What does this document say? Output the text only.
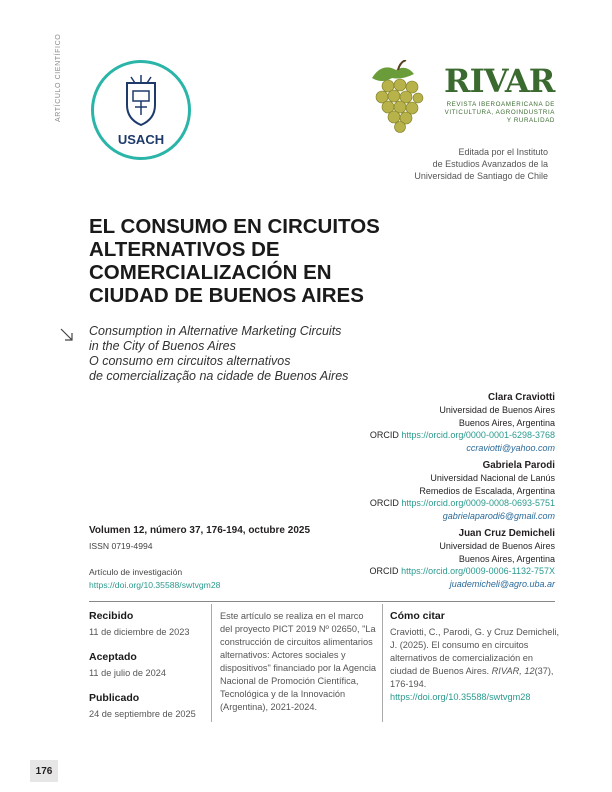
ARTÍCULO CIENTÍFICO
USACH
RIVAR
REVISTA IBEROAMERICANA DE
VITICULTURA, AGROINDUSTRIA
Y RURALIDAD
Editada por el Instituto
de Estudios Avanzados de la
Universidad de Santiago de Chile
EL CONSUMO EN CIRCUITOS
ALTERNATIVOS DE
COMERCIALIZACIÓN EN
CIUDAD DE BUENOS AIRES
Consumption in Alternative Marketing Circuits
in the City of Buenos Aires
O consumo em circuitos alternativos
de comercialização na cidade de Buenos Aires
Clara Craviotti
Universidad de Buenos Aires
Buenos Aires, Argentina
ORCID https://orcid.org/0000-0001-6298-3768
ccraviotti@yahoo.com
Gabriela Parodi
Universidad Nacional de Lanús
Remedios de Escalada, Argentina
ORCID https://orcid.org/0009-0008-0693-5751
gabrielaparodi6@gmail.com
Juan Cruz Demicheli
Universidad de Buenos Aires
Buenos Aires, Argentina
ORCID https://orcid.org/0009-0006-1132-757X
juademicheli@agro.uba.ar
Volumen 12, número 37, 176-194, octubre 2025
ISSN 0719-4994
Artículo de investigación
https://doi.org/10.35588/swtvgm28
Recibido
11 de diciembre de 2023
Aceptado
11 de julio de 2024
Publicado
24 de septiembre de 2025
Este artículo se realiza en el marco
del proyecto PICT 2019 Nº 02650, "La
construcción de circuitos alimentarios
alternativos: Actores sociales y
dispositivos" financiado por la Agencia
Nacional de Promoción Científica,
Tecnológica y de la Innovación
(Argentina), 2021-2024.
Cómo citar
Craviotti, C., Parodi, G. y Cruz Demicheli,
J. (2025). El consumo en circuitos
alternativos de comercialización en
ciudad de Buenos Aires. RIVAR, 12(37),
176-194.
https://doi.org/10.35588/swtvgm28
176
